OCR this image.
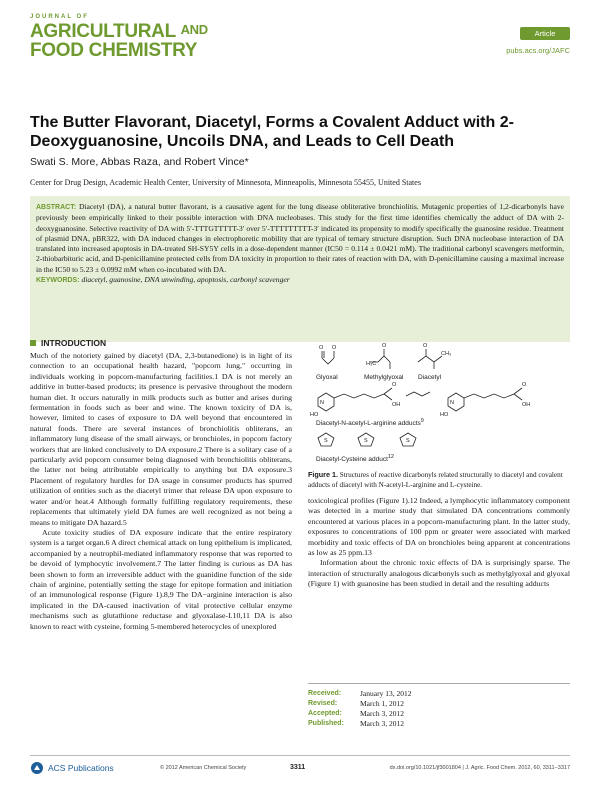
JOURNAL OF
AGRICULTURAL AND
FOOD CHEMISTRY
Article
pubs.acs.org/JAFC
The Butter Flavorant, Diacetyl, Forms a Covalent Adduct with 2-Deoxyguanosine, Uncoils DNA, and Leads to Cell Death
Swati S. More, Abbas Raza, and Robert Vince*
Center for Drug Design, Academic Health Center, University of Minnesota, Minneapolis, Minnesota 55455, United States
ABSTRACT: Diacetyl (DA), a natural butter flavorant, is a causative agent for the lung disease obliterative bronchiolitis. Mutagenic properties of 1,2-dicarbonyls have previously been empirically linked to their possible interaction with DNA nucleobases. This study for the first time identifies chemically the adduct of DA with 2-deoxyguanosine. Selective reactivity of DA with 5′-TTTGTTTTT-3′ over 5′-TTTTTTTTT-3′ indicated its propensity to modify specifically the guanosine residue. Treatment of plasmid DNA, pBR322, with DA induced changes in electrophoretic mobility that are typical of ternary structure disruption. Such DNA nucleobase interaction of DA translated into increased apoptosis in DA-treated SH-SY5Y cells in a dose-dependent manner (IC50 = 0.114 ± 0.0421 mM). The traditional carbonyl scavengers metformin, 2-thiobarbituric acid, and D-penicillamine protected cells from DA toxicity in proportion to their rates of reaction with DA, with D-penicillamine causing a maximal increase in the IC50 to 5.23 ± 0.0992 mM when co-incubated with DA.
KEYWORDS: diacetyl, guanosine, DNA unwinding, apoptosis, carbonyl scavenger
INTRODUCTION

Much of the notoriety gained by diacetyl (DA, 2,3-butanedione) is in light of its connection to an occupational health hazard, "popcorn lung," occurring in individuals working in popcorn-manufacturing facilities.1 DA is not merely an additive in butter-based products; its presence is pervasive throughout the modern human diet. It occurs naturally in milk products such as butter and arises during fermentation in foods such as beer and wine. The known toxicity of DA is, however, limited to cases of exposure to DA well beyond that encountered in natural foods. There are several instances of bronchiolitis obliterans, an inflammatory lung disease of the small airways, or bronchioles, in popcorn factory workers that are linked conclusively to DA exposure.2 There is a solitary case of a particularly avid popcorn consumer being diagnosed with bronchiolitis obliterans, the latter not being attributable empirically to anything but DA exposure.3 Placement of regulatory hurdles for DA usage in consumer products has spurred utilization of entities such as the diacetyl trimer that release DA upon exposure to water and/or heat.4 Although formally fulfilling regulatory requirements, these replacements that ultimately yield DA fumes are well recognized as not being a means to mitigate DA hazard.5

Acute toxicity studies of DA exposure indicate that the entire respiratory system is a target organ.6 A direct chemical attack on lung epithelium is implicated, accompanied by a neutrophil-mediated inflammatory response that was reported to be devoid of lymphocytic involvement.7 The latter finding is curious as DA has been shown to form an irreversible adduct with the guanidine function of the side chain of arginine, potentially setting the stage for epitope formation and initiation of an immunological response (Figure 1).8,9 The DA−arginine interaction is also implicated in the DA-caused inactivation of vital protective cellular enzyme mechanisms such as glutathione reductase and glyoxalase-I.10,11 DA is also known to react with cysteine, forming 5-membered heterocycles of unexplored

O O
H₃C
O	O
CH₃
N
HO
O
OH	N
HO
O
OH
S	S	S
Glyoxal	Methylglyoxal Diacetyl
Diacetyl-N-acetyl-L-arginine adducts$^9$
Diacetyl-Cysteine adduct$^{12}$

Figure 1. Structures of reactive dicarbonyls related structurally to diacetyl and covalent adducts of diacetyl with N-acetyl-L-arginine and L-cysteine.

toxicological profiles (Figure 1).12 Indeed, a lymphocytic inflammatory component was detected in a murine study that simulated DA concentrations commonly encountered at various places in a popcorn-manufacturing plant. In the latter study, exposures to concentrations of 100 ppm or greater were associated with marked morbidity and toxic effects of DA on bronchioles being apparent at concentrations as low as 25 ppm.13

Information about the chronic toxic effects of DA is surprisingly sparse. The interaction of structurally analogous dicarbonyls such as methylglyoxal and glyoxal (Figure 1) with guanosine has been studied in detail and the resulting adducts

Received:	January 13, 2012
Revised:	March 1, 2012
Accepted:	March 3, 2012
Published:	March 3, 2012
ACS Publications	© 2012 American Chemical Society	3311	dx.doi.org/10.1021/jf3001804 | J. Agric. Food Chem. 2012, 60, 3311−3317
